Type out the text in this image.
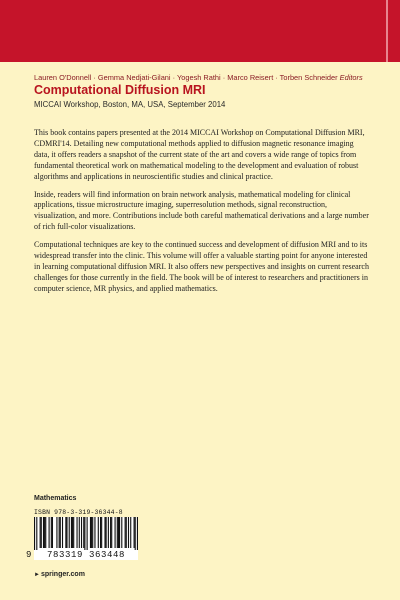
Lauren O'Donnell · Gemma Nedjati-Gilani · Yogesh Rathi · Marco Reisert · Torben Schneider Editors
Computational Diffusion MRI
MICCAI Workshop, Boston, MA, USA, September 2014

This book contains papers presented at the 2014 MICCAI Workshop on Computational Diffusion MRI, CDMRI'14. Detailing new computational methods applied to diffusion magnetic resonance imaging data, it offers readers a snapshot of the current state of the art and covers a wide range of topics from fundamental theoretical work on mathematical modeling to the development and evaluation of robust algorithms and applications in neuroscientific studies and clinical practice.

Inside, readers will find information on brain network analysis, mathematical modeling for clinical applications, tissue microstructure imaging, superresolution methods, signal reconstruction, visualization, and more. Contributions include both careful mathematical derivations and a large number of rich full-color visualizations.

Computational techniques are key to the continued success and development of diffusion MRI and to its widespread transfer into the clinic. This volume will offer a valuable starting point for anyone interested in learning computational diffusion MRI. It also offers new perspectives and insights on current research challenges for those currently in the field. The book will be of interest to researchers and practitioners in computer science, MR physics, and applied mathematics.

Mathematics
ISBN 978-3-319-36344-8
9 783319 363448
►springer.com
